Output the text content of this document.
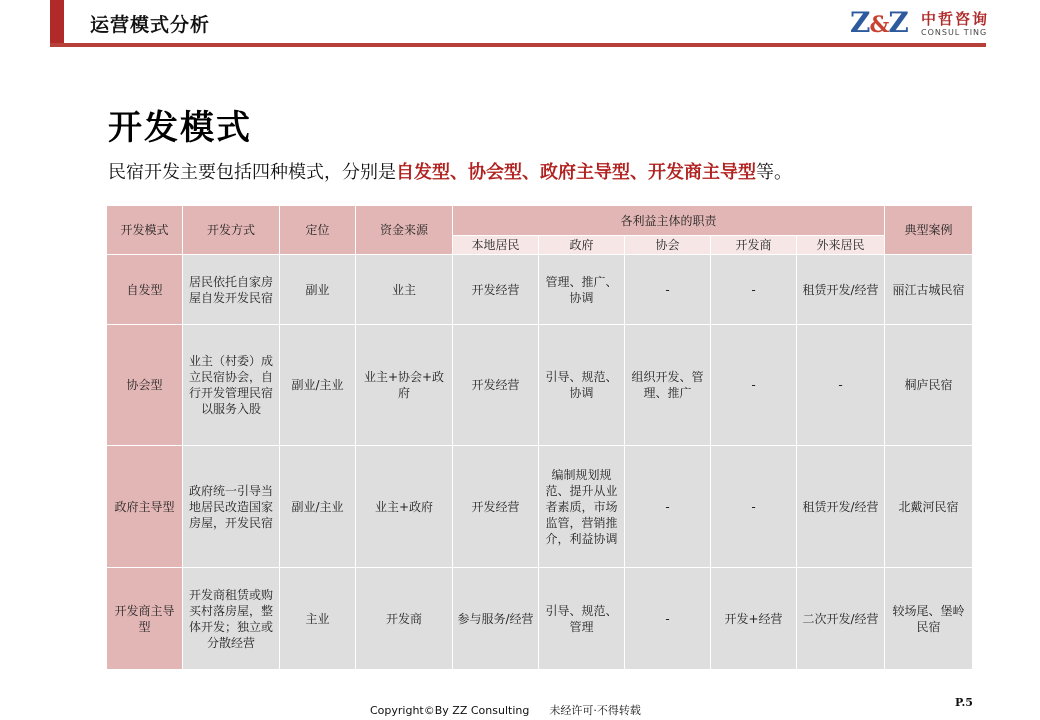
运营模式分析	Z&Z 中哲咨询
CONSUL TING
开发模式
民宿开发主要包括四种模式，分别是自发型、协会型、政府主导型、开发商主导型等。
开发模式	开发方式	定位	资金来源	各利益主体的职责					典型案例
				本地居民	政府	协会	开发商	外来居民	
自发型	居民依托自家房屋自发开发民宿	副业	业主	开发经营	管理、推广、协调	-	-	租赁开发/经营	丽江古城民宿
协会型	业主（村委）成立民宿协会，自行开发管理民宿以服务入股	副业/主业	业主+协会+政府	开发经营	引导、规范、协调	组织开发、管理、推广	-	-	桐庐民宿
政府主导型	政府统一引导当地居民改造国家房屋，开发民宿	副业/主业	业主+政府	开发经营	编制规划规范、提升从业者素质，市场监管，营销推介，利益协调	-	-	租赁开发/经营	北戴河民宿
开发商主导型	开发商租赁或购买村落房屋，整体开发；独立或分散经营	主业	开发商	参与服务/经营	引导、规范、管理	-	开发+经营	二次开发/经营	较场尾、堡岭民宿
Copyright©By ZZ Consulting 未经许可·不得转载
P.5
